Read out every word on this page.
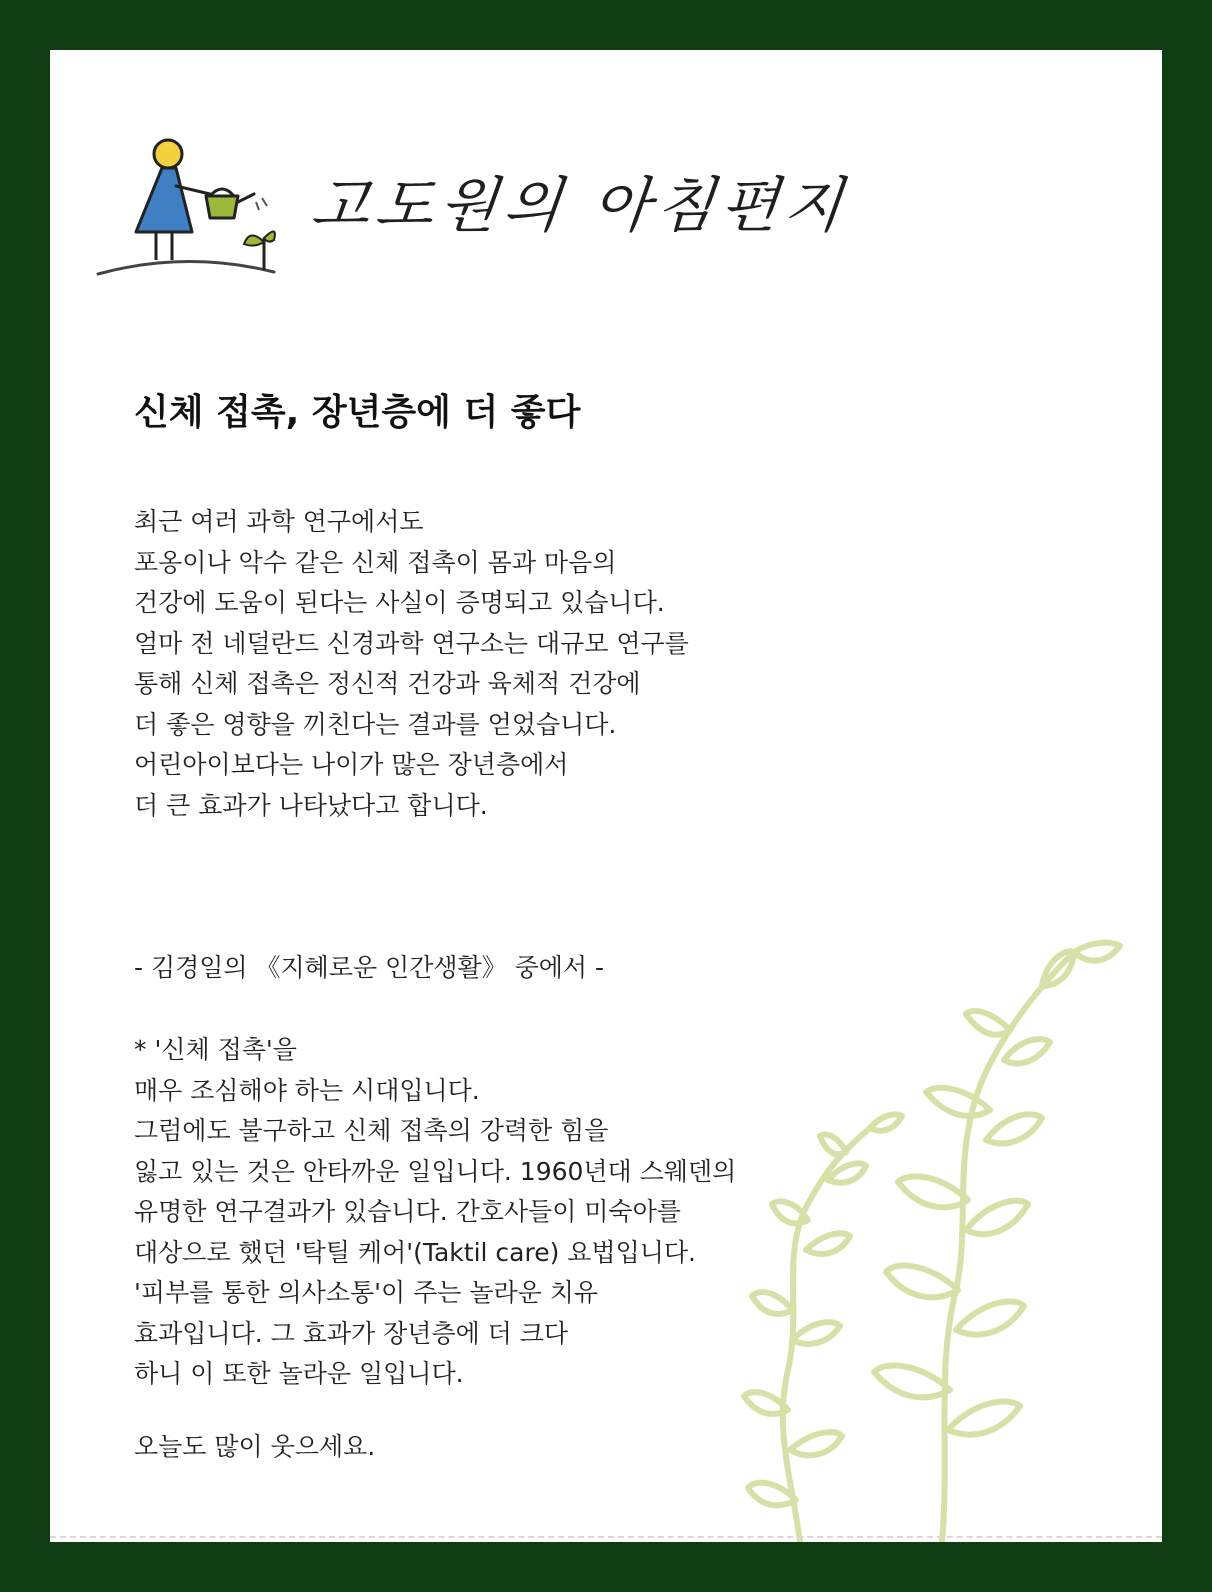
고도원의 아침편지
신체 접촉, 장년층에 더 좋다
최근 여러 과학 연구에서도
포옹이나 악수 같은 신체 접촉이 몸과 마음의
건강에 도움이 된다는 사실이 증명되고 있습니다.
얼마 전 네덜란드 신경과학 연구소는 대규모 연구를
통해 신체 접촉은 정신적 건강과 육체적 건강에
더 좋은 영향을 끼친다는 결과를 얻었습니다.
어린아이보다는 나이가 많은 장년층에서
더 큰 효과가 나타났다고 합니다.
- 김경일의 《지혜로운 인간생활》 중에서 -
* '신체 접촉'을
매우 조심해야 하는 시대입니다.
그럼에도 불구하고 신체 접촉의 강력한 힘을
잃고 있는 것은 안타까운 일입니다. 1960년대 스웨덴의
유명한 연구결과가 있습니다. 간호사들이 미숙아를
대상으로 했던 '탁틸 케어'(Taktil care) 요법입니다.
'피부를 통한 의사소통'이 주는 놀라운 치유
효과입니다. 그 효과가 장년층에 더 크다
하니 이 또한 놀라운 일입니다.
오늘도 많이 웃으세요.
